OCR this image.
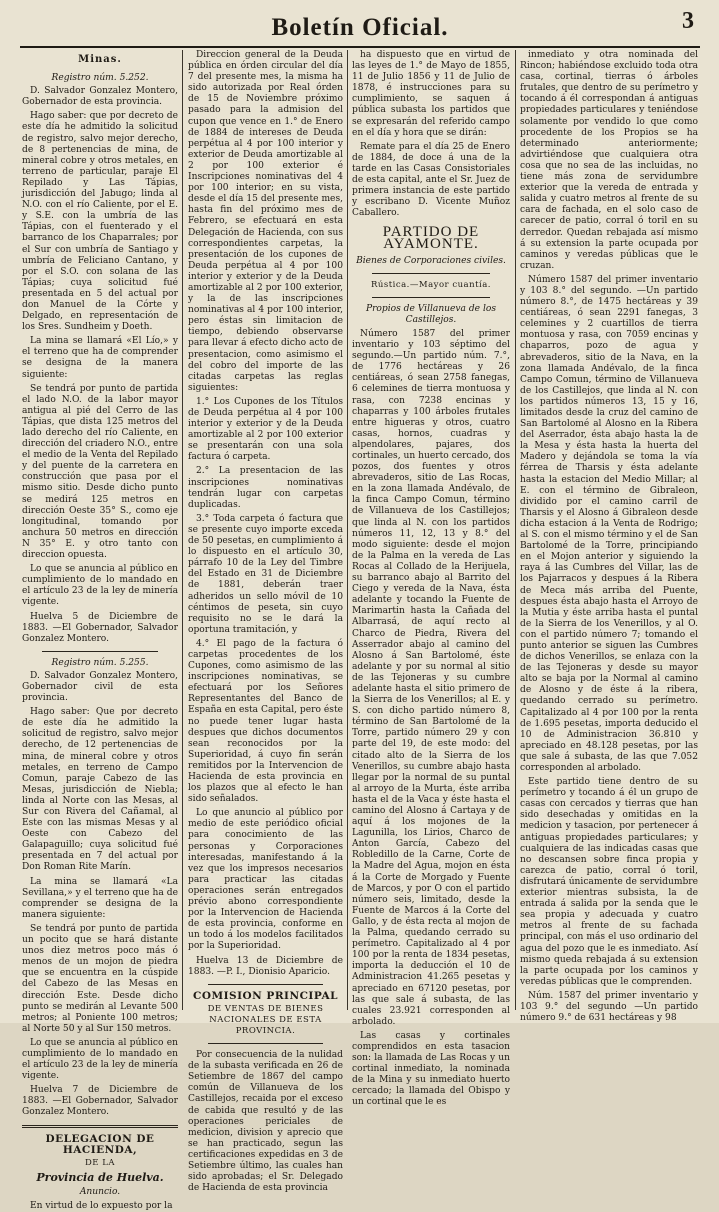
Boletín Oficial.	3
Minas.

Registro núm. 5.252.

D. Salvador Gonzalez Montero, Gobernador de esta provincia.

Hago saber: que por decreto de este día he admitido la solicitud de registro, salvo mejor derecho, de 8 pertenencias de mina, de mineral cobre y otros metales, en terreno de particular, paraje El Repilado y Las Tápias, jurisdicción del Jabugo; linda al N.O. con el río Caliente, por el E. y S.E. con la umbría de las Tápias, con el fuenterado y el barranco de los Chaparrales; por el Sur con umbría de Santiago y umbría de Feliciano Cantano, y por el S.O. con solana de las Tápias; cuya solicitud fué presentada en 5 del actual por don Manuel de la Córte y Delgado, en representación de los Sres. Sundheim y Doeth.

La mina se llamará «El Lío,» y el terreno que ha de comprender se designa de la manera siguiente:

Se tendrá por punto de partida el lado N.O. de la labor mayor antigua al pié del Cerro de las Tápias, que dista 125 metros del lado derecho del río Caliente, en dirección del criadero N.O., entre el medio de la Venta del Repilado y del puente de la carretera en construcción que pasa por el mismo sitio. Desde dicho punto se medirá 125 metros en dirección Oeste 35° S., como eje longitudinal, tomando por anchura 50 metros en dirección N 35° E. y otro tanto con direccion opuesta.

Lo que se anuncia al público en cumplimiento de lo mandado en el artículo 23 de la ley de minería vigente.

Huelva 5 de Diciembre de 1883. —El Gobernador, Salvador Gonzalez Montero.

Registro núm. 5.255.

D. Salvador Gonzalez Montero, Gobernador civil de esta provincia.

Hago saber: Que por decreto de este día he admitido la solicitud de registro, salvo mejor derecho, de 12 pertenencias de mina, de mineral cobre y otros metales, en terreno de Campo Comun, paraje Cabezo de las Mesas, jurisdicción de Niebla; linda al Norte con las Mesas, al Sur con Rivera del Cañamal, al Este con las mismas Mesas y al Oeste con Cabezo del Galapaguillo; cuya solicitud fué presentada en 7 del actual por Don Roman Rite Marín.

La mina se llamará «La Sevillana,» y el terreno que ha de comprender se designa de la manera siguiente:

Se tendrá por punto de partida un pocito que se hará distante unos diez metros poco más ó menos de un mojon de piedra que se encuentra en la cúspide del Cabezo de las Mesas en dirección Este. Desde dicho punto se medirán al Levante 500 metros; al Poniente 100 metros; al Norte 50 y al Sur 150 metros.

Lo que se anuncia al público en cumplimiento de lo mandado en el artículo 23 de la ley de minería vigente.

Huelva 7 de Diciembre de 1883. —El Gobernador, Salvador Gonzalez Montero.

DELEGACION DE HACIENDA,

DE LA

Provincia de Huelva.

Anuncio.

En virtud de lo expuesto por la

Direccion general de la Deuda pública en órden circular del día 7 del presente mes, la misma ha sido autorizada por Real órden de 15 de Noviembre próximo pasado para la admision del cupon que vence en 1.° de Enero de 1884 de intereses de Deuda perpétua al 4 por 100 interior y exterior de Deuda amortizable al 2 por 100 exterior é Inscripciones nominativas del 4 por 100 interior; en su vista, desde el día 15 del presente mes, hasta fin del próximo mes de Febrero, se efectuará en esta Delegación de Hacienda, con sus correspondientes carpetas, la presentación de los cupones de Deuda perpétua al 4 por 100 interior y exterior y de la Deuda amortizable al 2 por 100 exterior, y la de las inscripciones nominativas al 4 por 100 interior, pero éstas sin limitacion de tiempo, debiendo observarse para llevar á efecto dicho acto de presentacion, como asimismo el del cobro del importe de las citadas carpetas las reglas siguientes:

1.° Los Cupones de los Títulos de Deuda perpétua al 4 por 100 interior y exterior y de la Deuda amortizable al 2 por 100 exterior se presentarán con una sola factura ó carpeta.

2.° La presentacion de las inscripciones nominativas tendrán lugar con carpetas duplicadas.

3.° Toda carpeta ó factura que se presente cuyo importe exceda de 50 pesetas, en cumplimiento á lo dispuesto en el artículo 30, párrafo 10 de la Ley del Timbre del Estado en 31 de Diciembre de 1881, deberán traer adheridos un sello móvil de 10 céntimos de peseta, sin cuyo requisito no se le dará la oportuna tramitación, y

4.° El pago de la factura ó carpetas procedentes de los Cupones, como asimismo de las inscripciones nominativas, se efectuará por los Señores Representantes del Banco de España en esta Capital, pero éste no puede tener lugar hasta despues que dichos documentos sean reconocidos por la Superioridad, á cuyo fin serán remitidos por la Intervencion de Hacienda de esta provincia en los plazos que al efecto le han sido señalados.

Lo que anuncio al público por medio de este periódico oficial para conocimiento de las personas y Corporaciones interesadas, manifestando á la vez que los impresos necesarios para practicar las citadas operaciones serán entregados prévio abono correspondiente por la Intervencion de Hacienda de esta provincia, conforme en un todo á los modelos facilitados por la Superioridad.

Huelva 13 de Diciembre de 1883. —P. I., Dionisio Aparicio.

COMISION PRINCIPAL

DE VENTAS DE BIENES NACIONALES DE ESTA PROVINCIA.

Por consecuencia de la nulidad de la subasta verificada en 26 de Setiembre de 1867 del campo común de Villanueva de los Castillejos, recaida por el exceso de cabida que resultó y de las operaciones periciales de medicion, division y aprecio que se han practicado, segun las certificaciones expedidas en 3 de Setiembre último, las cuales han sido aprobadas; el Sr. Delegado de Hacienda de esta provincia

ha dispuesto que en virtud de las leyes de 1.° de Mayo de 1855, 11 de Julio 1856 y 11 de Julio de 1878, é instrucciones para su cumplimiento, se saquen á pública subasta los partidos que se expresarán del referido campo en el día y hora que se dirán:

Remate para el día 25 de Enero de 1884, de doce á una de la tarde en las Casas Consistoriales de esta capital, ante el Sr. Juez de primera instancia de este partido y escribano D. Vicente Muñoz Caballero.

PARTIDO DE AYAMONTE.

Bienes de Corporaciones civiles.

Rústica.—Mayor cuantía.

Propios de Villanueva de los Castillejos.

Número 1587 del primer inventario y 103 séptimo del segundo.—Un partido núm. 7.°, de 1776 hectáreas y 26 centiáreas, ó sean 2758 fanegas, 6 celemines de tierra montuosa y rasa, con 7238 encinas y chaparras y 100 árboles frutales entre higueras y otros, cuatro casas, hornos, cuadras y alpendolares, pajares, dos cortinales, un huerto cercado, dos pozos, dos fuentes y otros abrevaderos, sitio de Las Rocas, en la zona llamada Andévalo, de la finca Campo Comun, término de Villanueva de los Castillejos; que linda al N. con los partidos números 11, 12, 13 y 8.° del modo siguiente: desde el mojon de la Palma en la vereda de Las Rocas al Collado de la Herijuela, su barranco abajo al Barrito del Ciego y vereda de la Nava, ésta adelante y tocando la Fuente de Marimartin hasta la Cañada del Albarrasá, de aquí recto al Charco de Piedra, Rivera del Asserrador abajo al camino del Alosno á San Bartolomé, éste adelante y por su normal al sitio de las Tejoneras y su cumbre adelante hasta el sitio primero de la Sierra de los Venerillos; al E. y S. con dicho partido número 8, término de San Bartolomé de la Torre, partido número 29 y con parte del 19, de este modo: del citado alto de la Sierra de los Venerillos, su cumbre abajo hasta llegar por la normal de su puntal al arroyo de la Murta, éste arriba hasta el de la Vaca y éste hasta el camino del Alosno á Cartaya y de aquí á los mojones de la Lagunilla, los Lirios, Charco de Anton García, Cabezo del Robledillo de la Carne, Corte de la Madre del Agua, mojon en ésta á la Corte de Morgado y Fuente de Marcos, y por O con el partido número seis, limitado, desde la Fuente de Marcos á la Corte del Gallo, y de ésta recta al mojon de la Palma, quedando cerrado su perímetro. Capitalizado al 4 por 100 por la renta de 1834 pesetas, importa la deducción el 10 de Administracion 41.265 pesetas y apreciado en 67120 pesetas, por las que sale á subasta, de las cuales 23.921 corresponden al arbolado.

Las casas y cortinales comprendidos en esta tasacion son: la llamada de Las Rocas y un cortinal inmediato, la nominada de la Mina y su inmediato huerto cercado; la llamada del Obispo y un cortinal que le es

inmediato y otra nominada del Rincon; habiéndose excluido toda otra casa, cortinal, tierras ó árboles frutales, que dentro de su perímetro y tocando á él correspondan á antiguas propiedades particulares y teniéndose solamente por vendido lo que como procedente de los Propios se ha determinado anteriormente; advirtiéndose que cualquiera otra cosa que no sea de las incluidas, no tiene más zona de servidumbre exterior que la vereda de entrada y salida y cuatro metros al frente de su cara de fachada, en el solo caso de carecer de patio, corral ó toril en su derredor. Quedan rebajada así mismo á su extension la parte ocupada por caminos y veredas públicas que le cruzan.

Número 1587 del primer inventario y 103 8.° del segundo. —Un partido número 8.°, de 1475 hectáreas y 39 centiáreas, ó sean 2291 fanegas, 3 celemines y 2 cuartillos de tierra montuosa y rasa, con 7059 encinas y chaparros, pozo de agua y abrevaderos, sitio de la Nava, en la zona llamada Andévalo, de la finca Campo Comun, término de Villanueva de los Castillejos, que linda al N. con los partidos números 13, 15 y 16, limitados desde la cruz del camino de San Bartolomé al Alosno en la Ribera del Aserrador, ésta abajo hasta la de la Mesa y ésta hasta la huerta del Madero y dejándola se toma la vía férrea de Tharsis y ésta adelante hasta la estacion del Medio Millar; al E. con el término de Gibraleon, dividido por el camino carril de Tharsis y el Alosno á Gibraleon desde dicha estacion á la Venta de Rodrigo; al S. con el mismo término y el de San Bartolomé de la Torre, principiando en el Mojon anterior y siguiendo la raya á las Cumbres del Villar, las de los Pajarracos y despues á la Ribera de Meca más arriba del Puente, despues ésta abajo hasta el Arroyo de la Mutia y éste arriba hasta el puntal de la Sierra de los Venerillos, y al O. con el partido número 7; tomando el punto anterior se siguen las Cumbres de dichos Venerillos, se enlaza con la de las Tejoneras y desde su mayor alto se baja por la Normal al camino de Alosno y de éste á la ribera, quedando cerrado su perímetro. Capitalizado al 4 por 100 por la renta de 1.695 pesetas, importa deducido el 10 de Administracion 36.810 y apreciado en 48.128 pesetas, por las que sale á subasta, de las que 7.052 corresponden al arbolado.

Este partido tiene dentro de su perímetro y tocando á él un grupo de casas con cercados y tierras que han sido desechadas y omitidas en la medicion y tasacion, por pertenecer á antiguas propiedades particulares; y cualquiera de las indicadas casas que no descansen sobre finca propia y carezca de patio, corral ó toril, disfrutará únicamente de servidumbre exterior mientras subsista, la de entrada á salida por la senda que le sea propia y adecuada y cuatro metros al frente de su fachada principal, con más el uso ordinario del agua del pozo que le es inmediato. Así mismo queda rebajada á su extension la parte ocupada por los caminos y veredas públicas que le comprenden.

Núm. 1587 del primer inventario y 103 9.° del segundo —Un partido número 9.° de 631 hectáreas y 98
